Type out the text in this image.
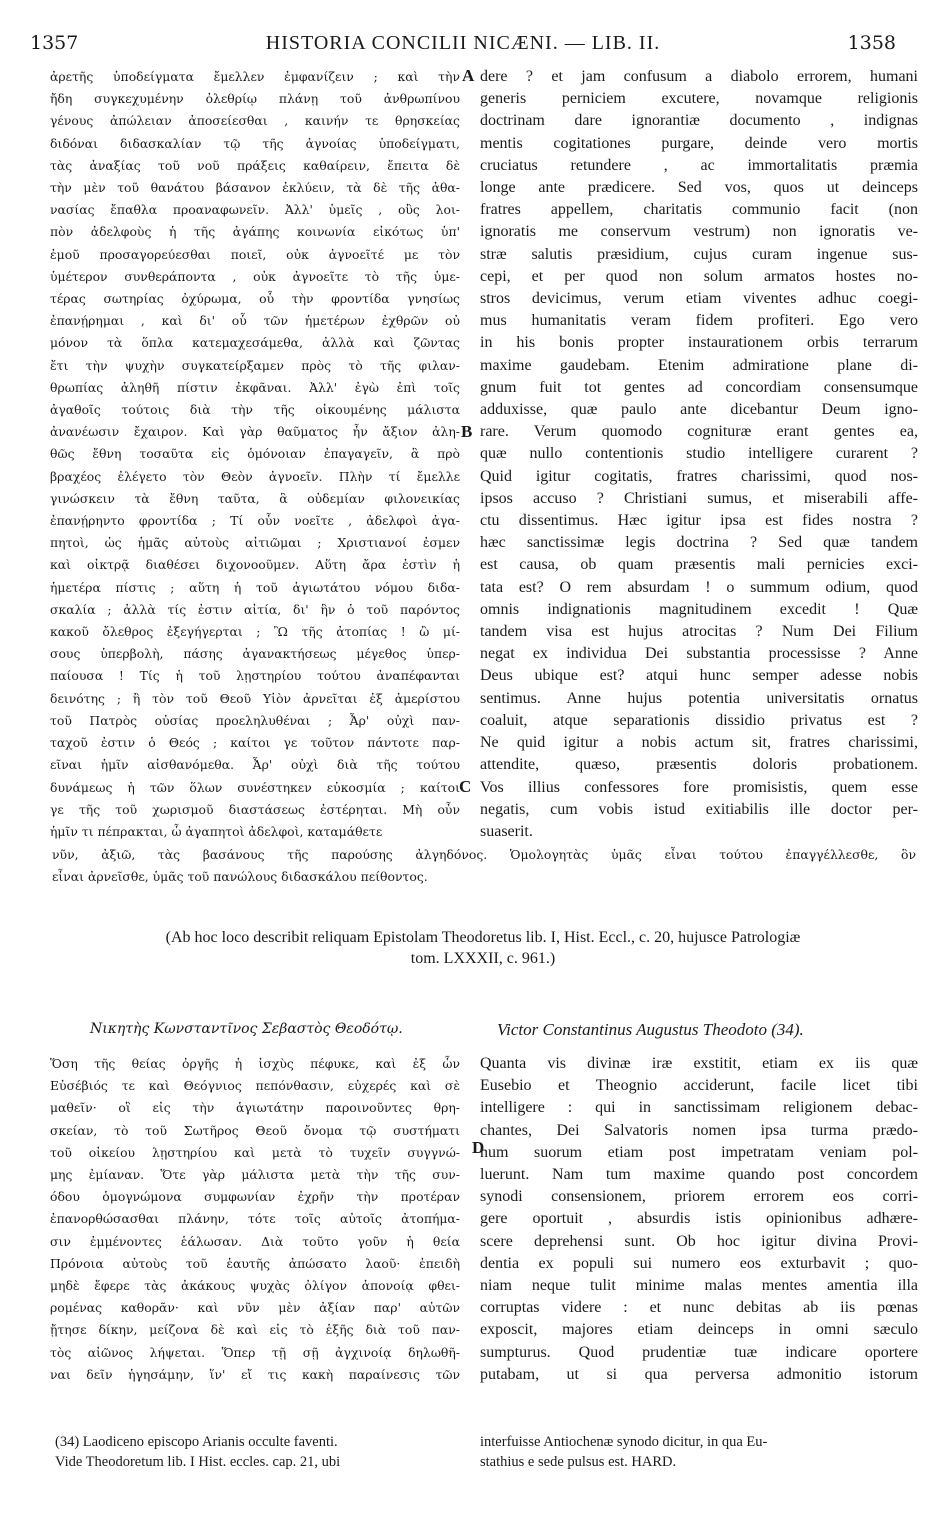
1357	HISTORIA CONCILII NICÆNI. — LIB. II.	1358
ἀρετῆς ὑποδείγματα ἔμελλεν ἐμφανίζειν ; καὶ τὴν
ἤδη συγκεχυμένην ὀλεθρίῳ πλάνῃ τοῦ ἀνθρωπίνου
γένους ἀπώλειαν ἀποσείεσθαι , καινήν τε θρησκείας
διδόναι διδασκαλίαν τῷ τῆς ἀγνοίας ὑποδείγματι,
τὰς ἀναξίας τοῦ νοῦ πράξεις καθαίρειν, ἔπειτα δὲ
τὴν μὲν τοῦ θανάτου βάσανον ἐκλύειν, τὰ δὲ τῆς ἀθα-
νασίας ἔπαθλα προαναφωνεῖν. Ἀλλ' ὑμεῖς , οὓς λοι-
πὸν ἀδελφοὺς ἡ τῆς ἀγάπης κοινωνία εἰκότως ὑπ'
ἐμοῦ προσαγορεύεσθαι ποιεῖ, οὐκ ἀγνοεῖτέ με τὸν
ὑμέτερον συνθεράποντα , οὐκ ἀγνοεῖτε τὸ τῆς ὑμε-
τέρας σωτηρίας ὀχύρωμα, οὗ τὴν φροντίδα γνησίως
ἐπανῄρημαι , καὶ δι' οὗ τῶν ἡμετέρων ἐχθρῶν οὐ
μόνον τὰ ὅπλα κατεμαχεσάμεθα, ἀλλὰ καὶ ζῶντας
ἔτι τὴν ψυχὴν συγκατείρξαμεν πρὸς τὸ τῆς φιλαν-
θρωπίας ἀληθῆ πίστιν ἐκφᾶναι. Ἀλλ' ἐγὼ ἐπὶ τοῖς
ἀγαθοῖς τούτοις διὰ τὴν τῆς οἰκουμένης μάλιστα
ἀνανέωσιν ἔχαιρον. Καὶ γὰρ θαῦματος ἦν ἄξιον ἀλη-
θῶς ἔθνη τοσαῦτα εἰς ὁμόνοιαν ἐπαγαγεῖν, ἃ πρὸ
βραχέος ἐλέγετο τὸν Θεὸν ἀγνοεῖν. Πλὴν τί ἔμελλε
γινώσκειν τὰ ἔθνη ταῦτα, ἃ οὐδεμίαν φιλονεικίας
ἐπανῄρηντο φροντίδα ; Τί οὖν νοεῖτε , ἀδελφοὶ ἀγα-
πητοὶ, ὡς ἡμᾶς αὐτοὺς αἰτιῶμαι ; Χριστιανοί ἐσμεν
καὶ οἰκτρᾷ διαθέσει διχονοοῦμεν. Αὕτη ἄρα ἐστὶν ἡ
ἡμετέρα πίστις ; αὕτη ἡ τοῦ ἁγιωτάτου νόμου διδα-
σκαλία ; ἀλλὰ τίς ἐστιν αἰτία, δι' ἣν ὁ τοῦ παρόντος
κακοῦ ὄλεθρος ἐξεγήγερται ; Ὢ τῆς ἀτοπίας ! ὢ μί-
σους ὑπερβολὴ, πάσης ἀγανακτήσεως μέγεθος ὑπερ-
παίουσα ! Τίς ἡ τοῦ λῃστηρίου τούτου ἀναπέφανται
δεινότης ; ἢ τὸν τοῦ Θεοῦ Υἱὸν ἀρνεῖται ἐξ ἀμερίστου
τοῦ Πατρὸς οὐσίας προεληλυθέναι ; Ἆρ' οὐχὶ παν-
ταχοῦ ἐστιν ὁ Θεός ; καίτοι γε τοῦτον πάντοτε παρ-
εῖναι ἡμῖν αἰσθανόμεθα. Ἆρ' οὐχὶ διὰ τῆς τούτου
δυνάμεως ἡ τῶν ὅλων συνέστηκεν εὐκοσμία ; καίτοι
γε τῆς τοῦ χωρισμοῦ διαστάσεως ἐστέρηται. Μὴ οὖν
ἡμῖν τι πέπρακται, ὦ ἀγαπητοὶ ἀδελφοὶ, καταμάθετε
dere ? et jam confusum a diabolo errorem, humani
generis perniciem excutere, novamque religionis
doctrinam dare ignorantiæ documento , indignas
mentis cogitationes purgare, deinde vero mortis
cruciatus retundere , ac immortalitatis præmia
longe ante prædicere. Sed vos, quos ut deinceps
fratres appellem, charitatis communio facit (non
ignoratis me conservum vestrum) non ignoratis ve-
stræ salutis præsidium, cujus curam ingenue sus-
cepi, et per quod non solum armatos hostes no-
stros devicimus, verum etiam viventes adhuc coegi-
mus humanitatis veram fidem profiteri. Ego vero
in his bonis propter instaurationem orbis terrarum
maxime gaudebam. Etenim admiratione plane di-
gnum fuit tot gentes ad concordiam consensumque
adduxisse, quæ paulo ante dicebantur Deum igno-
rare. Verum quomodo cognituræ erant gentes ea,
quæ nullo contentionis studio intelligere curarent ?
Quid igitur cogitatis, fratres charissimi, quod nos-
ipsos accuso ? Christiani sumus, et miserabili affe-
ctu dissentimus. Hæc igitur ipsa est fides nostra ?
hæc sanctissimæ legis doctrina ? Sed quæ tandem
est causa, ob quam præsentis mali pernicies exci-
tata est? O rem absurdam ! o summum odium, quod
omnis indignationis magnitudinem excedit ! Quæ
tandem visa est hujus atrocitas ? Num Dei Filium
negat ex individua Dei substantia processisse ? Anne
Deus ubique est? atqui hunc semper adesse nobis
sentimus. Anne hujus potentia universitatis ornatus
coaluit, atque separationis dissidio privatus est ?
Ne quid igitur a nobis actum sit, fratres charissimi,
attendite, quæso, præsentis doloris probationem.
Vos illius confessores fore promisistis, quem esse
negatis, cum vobis istud exitiabilis ille doctor per-
suaserit.
A
B
C
D
νῦν, ἀξιῶ, τὰς βασάνους τῆς παρούσης ἀλγηδόνος. Ὁμολογητὰς ὑμᾶς εἶναι τούτου ἐπαγγέλλεσθε, ὃν
εἶναι ἀρνεῖσθε, ὑμᾶς τοῦ πανώλους διδασκάλου πείθοντος.
(Ab hoc loco describit reliquam Epistolam Theodoretus lib. I, Hist. Eccl., c. 20, hujusce Patrologiæ
tom. LXXXII, c. 961.)
Νικητὴς Κωνσταντῖνος Σεβαστὸς Θεοδότῳ.	Victor Constantinus Augustus Theodoto (34).
Ὅση τῆς θείας ὀργῆς ἡ ἰσχὺς πέφυκε, καὶ ἐξ ὧν
Εὐσέβιός τε καὶ Θεόγνιος πεπόνθασιν, εὐχερές καὶ σὲ
μαθεῖν· οἳ εἰς τὴν ἁγιωτάτην παροινοῦντες θρη-
σκείαν, τὸ τοῦ Σωτῆρος Θεοῦ ὄνομα τῷ συστήματι
τοῦ οἰκείου λῃστηρίου καὶ μετὰ τὸ τυχεῖν συγγνώ-
μης ἐμίαναν. Ὅτε γὰρ μάλιστα μετὰ τὴν τῆς συν-
όδου ὁμογνώμονα συμφωνίαν ἐχρῆν τὴν προτέραν
ἐπανορθώσασθαι πλάνην, τότε τοῖς αὐτοῖς ἀτοπήμα-
σιν ἐμμένοντες ἑάλωσαν. Διὰ τοῦτο γοῦν ἡ θεία
Πρόνοια αὐτοὺς τοῦ ἑαυτῆς ἀπώσατο λαοῦ· ἐπειδὴ
μηδὲ ἔφερε τὰς ἀκάκους ψυχὰς ὀλίγον ἀπονοίᾳ φθει-
ρομένας καθορᾶν· καὶ νῦν μὲν ἀξίαν παρ' αὐτῶν
ᾔτησε δίκην, μείζονα δὲ καὶ εἰς τὸ ἑξῆς διὰ τοῦ παν-
τὸς αἰῶνος λήψεται. Ὅπερ τῇ σῇ ἀγχινοίᾳ δηλωθῆ-
ναι δεῖν ἡγησάμην, ἵν' εἴ τις κακὴ παραίνεσις τῶν
Quanta vis divinæ iræ exstitit, etiam ex iis quæ
Eusebio et Theognio acciderunt, facile licet tibi
intelligere : qui in sanctissimam religionem debac-
chantes, Dei Salvatoris nomen ipsa turma prædo-
num suorum etiam post impetratam veniam pol-
luerunt. Nam tum maxime quando post concordem
synodi consensionem, priorem errorem eos corri-
gere oportuit , absurdis istis opinionibus adhære-
scere deprehensi sunt. Ob hoc igitur divina Provi-
dentia ex populi sui numero eos exturbavit ; quo-
niam neque tulit minime malas mentes amentia illa
corruptas videre : et nunc debitas ab iis pœnas
exposcit, majores etiam deinceps in omni sæculo
sumpturus. Quod prudentiæ tuæ indicare oportere
putabam, ut si qua perversa admonitio istorum
(34) Laodiceno episcopo Arianis occulte faventi.
Vide Theodoretum lib. I Hist. eccles. cap. 21, ubi
interfuisse Antiochenæ synodo dicitur, in qua Eu-
stathius e sede pulsus est. HARD.
